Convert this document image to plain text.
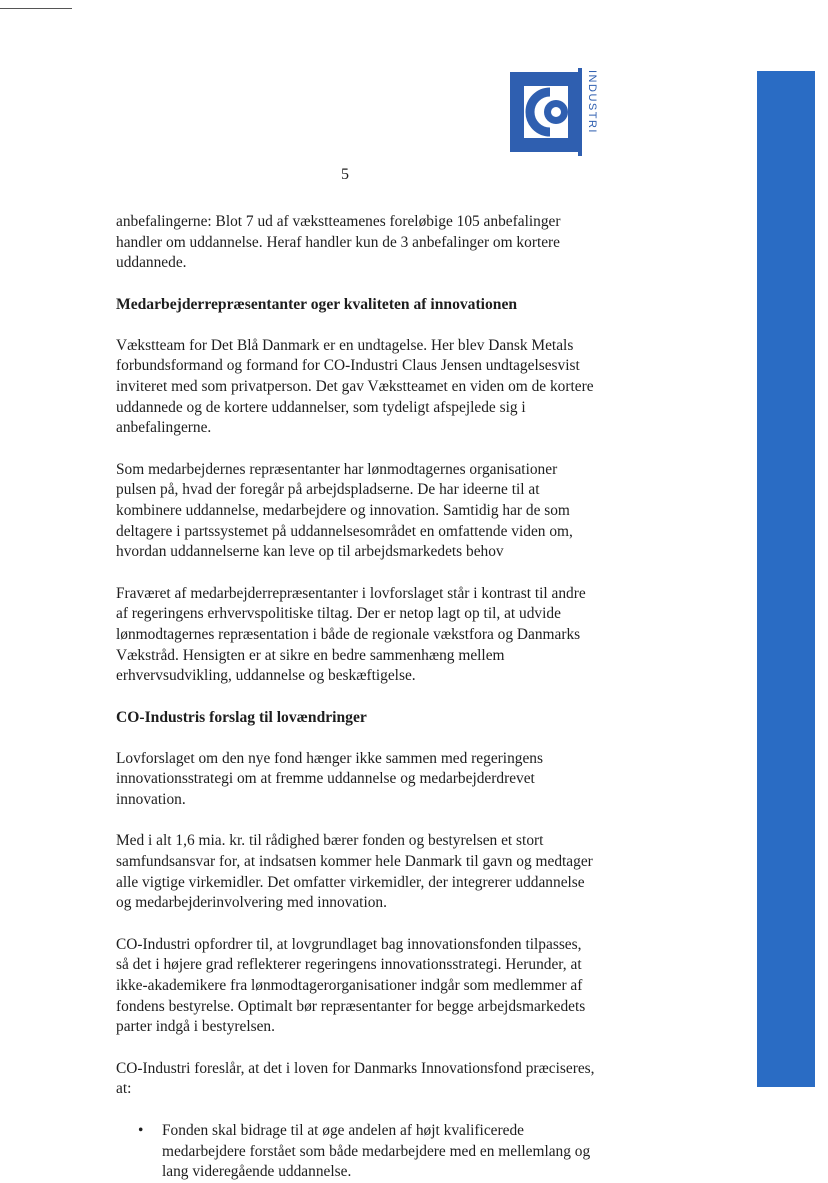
INDUSTRI
5

anbefalingerne: Blot 7 ud af vækstteamenes foreløbige 105 anbefalinger handler om uddannelse. Heraf handler kun de 3 anbefalinger om kortere uddannede.

Medarbejderrepræsentanter oger kvaliteten af innovationen

Vækstteam for Det Blå Danmark er en undtagelse. Her blev Dansk Metals forbundsformand og formand for CO-Industri Claus Jensen undtagelsesvist inviteret med som privatperson. Det gav Vækstteamet en viden om de kortere uddannede og de kortere uddannelser, som tydeligt afspejlede sig i anbefalingerne.

Som medarbejdernes repræsentanter har lønmodtagernes organisationer pulsen på, hvad der foregår på arbejdspladserne. De har ideerne til at kombinere uddannelse, medarbejdere og innovation. Samtidig har de som deltagere i partssystemet på uddannelsesområdet en omfattende viden om, hvordan uddannelserne kan leve op til arbejdsmarkedets behov

Fraværet af medarbejderrepræsentanter i lovforslaget står i kontrast til andre af regeringens erhvervspolitiske tiltag. Der er netop lagt op til, at udvide lønmodtagernes repræsentation i både de regionale vækstfora og Danmarks Vækstråd. Hensigten er at sikre en bedre sammenhæng mellem erhvervsudvikling, uddannelse og beskæftigelse.

CO-Industris forslag til lovændringer

Lovforslaget om den nye fond hænger ikke sammen med regeringens innovationsstrategi om at fremme uddannelse og medarbejderdrevet innovation.

Med i alt 1,6 mia. kr. til rådighed bærer fonden og bestyrelsen et stort samfundsansvar for, at indsatsen kommer hele Danmark til gavn og medtager alle vigtige virkemidler. Det omfatter virkemidler, der integrerer uddannelse og medarbejderinvolvering med innovation.

CO-Industri opfordrer til, at lovgrundlaget bag innovationsfonden tilpasses, så det i højere grad reflekterer regeringens innovationsstrategi. Herunder, at ikke-akademikere fra lønmodtagerorganisationer indgår som medlemmer af fondens bestyrelse. Optimalt bør repræsentanter for begge arbejdsmarkedets parter indgå i bestyrelsen.

CO-Industri foreslår, at det i loven for Danmarks Innovationsfond præciseres, at:

• Fonden skal bidrage til at øge andelen af højt kvalificerede medarbejdere forstået som både medarbejdere med en mellemlang og lang videregående uddannelse.
